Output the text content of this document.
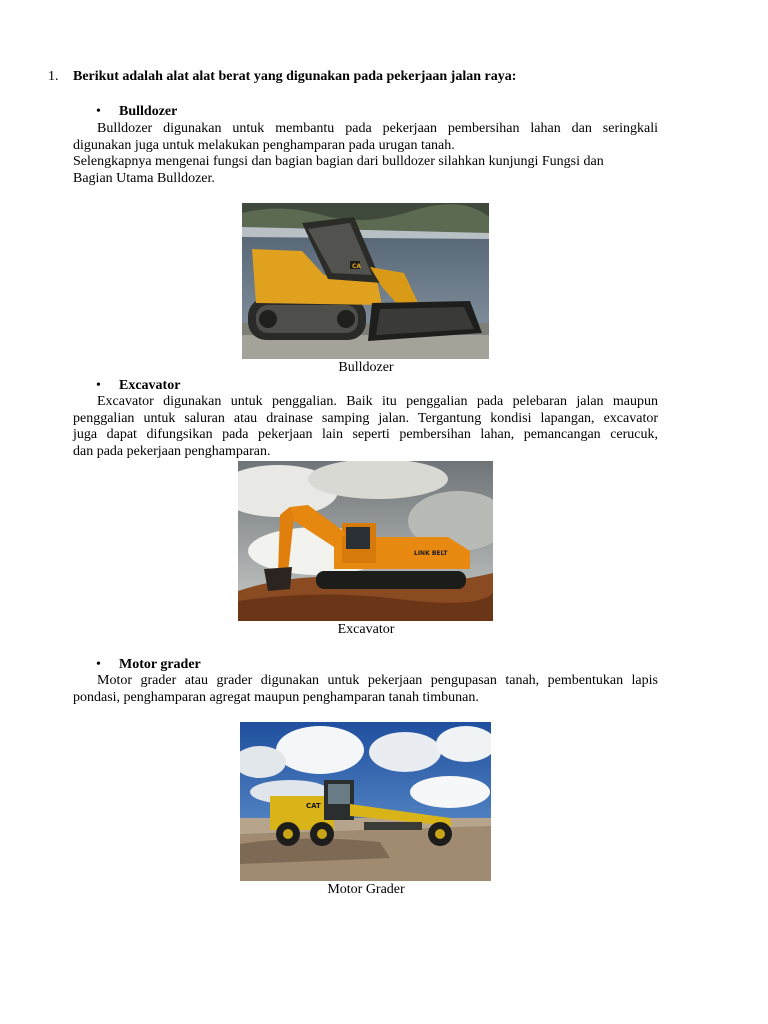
1. Berikut adalah alat alat berat yang digunakan pada pekerjaan jalan raya:
• Bulldozer
Bulldozer digunakan untuk membantu pada pekerjaan pembersihan lahan dan seringkali
digunakan juga untuk melakukan penghamparan pada urugan tanah.
Selengkapnya mengenai fungsi dan bagian bagian dari bulldozer silahkan kunjungi Fungsi dan
Bagian Utama Bulldozer.
CA
Bulldozer
• Excavator
Excavator digunakan untuk penggalian. Baik itu penggalian pada pelebaran jalan maupun
penggalian untuk saluran atau drainase samping jalan. Tergantung kondisi lapangan, excavator
juga dapat difungsikan pada pekerjaan lain seperti pembersihan lahan, pemancangan cerucuk,
dan pada pekerjaan penghamparan.
LINK BELT
Excavator
• Motor grader
Motor grader atau grader digunakan untuk pekerjaan pengupasan tanah, pembentukan lapis
pondasi, penghamparan agregat maupun penghamparan tanah timbunan.
CAT
Motor Grader
